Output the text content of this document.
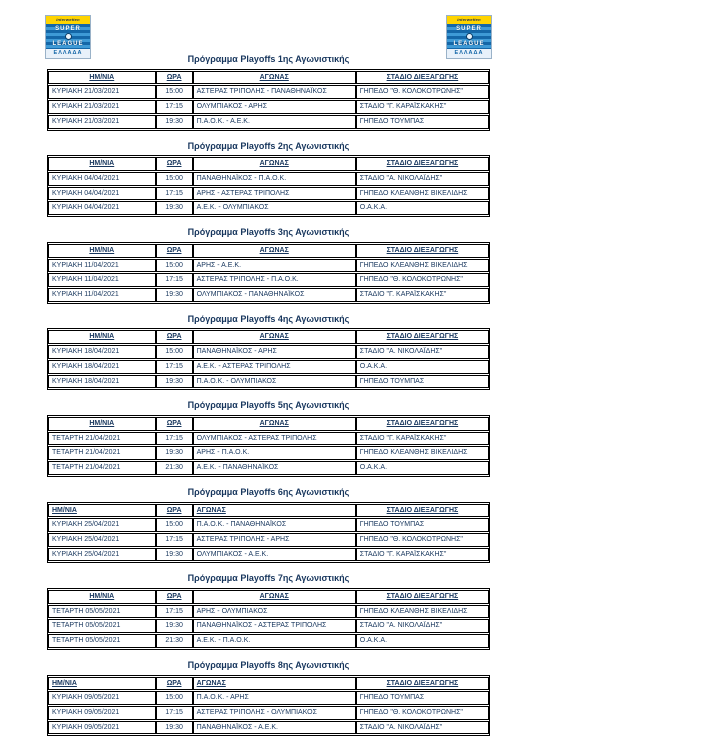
interwetten
SUPER
LEAGUE
ΕΛΛΑΔΑ
interwetten
SUPER
LEAGUE
ΕΛΛΑΔΑ
Πρόγραμμα Playoffs 1ης Αγωνιστικής
ΗΜ/ΝΙΑ	ΩΡΑ	ΑΓΩΝΑΣ	ΣΤΑΔΙΟ ΔΙΕΞΑΓΩΓΗΣ
ΚΥΡΙΑΚΗ 21/03/2021	15:00	ΑΣΤΕΡΑΣ ΤΡΙΠΟΛΗΣ - ΠΑΝΑΘΗΝΑΪΚΟΣ	ΓΗΠΕΔΟ "Θ. ΚΟΛΟΚΟΤΡΩΝΗΣ"
ΚΥΡΙΑΚΗ 21/03/2021	17:15	ΟΛΥΜΠΙΑΚΟΣ - ΑΡΗΣ	ΣΤΑΔΙΟ "Γ. ΚΑΡΑΪΣΚΑΚΗΣ"
ΚΥΡΙΑΚΗ 21/03/2021	19:30	Π.Α.Ο.Κ. - Α.Ε.Κ.	ΓΗΠΕΔΟ ΤΟΥΜΠΑΣ
Πρόγραμμα Playoffs 2ης Αγωνιστικής
ΗΜ/ΝΙΑ	ΩΡΑ	ΑΓΩΝΑΣ	ΣΤΑΔΙΟ ΔΙΕΞΑΓΩΓΗΣ
ΚΥΡΙΑΚΗ 04/04/2021	15:00	ΠΑΝΑΘΗΝΑΪΚΟΣ - Π.Α.Ο.Κ.	ΣΤΑΔΙΟ "Α. ΝΙΚΟΛΑΪΔΗΣ"
ΚΥΡΙΑΚΗ 04/04/2021	17:15	ΑΡΗΣ - ΑΣΤΕΡΑΣ ΤΡΙΠΟΛΗΣ	ΓΗΠΕΔΟ ΚΛΕΑΝΘΗΣ ΒΙΚΕΛΙΔΗΣ
ΚΥΡΙΑΚΗ 04/04/2021	19:30	Α.Ε.Κ. - ΟΛΥΜΠΙΑΚΟΣ	Ο.Α.Κ.Α.
Πρόγραμμα Playoffs 3ης Αγωνιστικής
ΗΜ/ΝΙΑ	ΩΡΑ	ΑΓΩΝΑΣ	ΣΤΑΔΙΟ ΔΙΕΞΑΓΩΓΗΣ
ΚΥΡΙΑΚΗ 11/04/2021	15:00	ΑΡΗΣ - Α.Ε.Κ.	ΓΗΠΕΔΟ ΚΛΕΑΝΘΗΣ ΒΙΚΕΛΙΔΗΣ
ΚΥΡΙΑΚΗ 11/04/2021	17:15	ΑΣΤΕΡΑΣ ΤΡΙΠΟΛΗΣ - Π.Α.Ο.Κ.	ΓΗΠΕΔΟ "Θ. ΚΟΛΟΚΟΤΡΩΝΗΣ"
ΚΥΡΙΑΚΗ 11/04/2021	19:30	ΟΛΥΜΠΙΑΚΟΣ - ΠΑΝΑΘΗΝΑΪΚΟΣ	ΣΤΑΔΙΟ "Γ. ΚΑΡΑΪΣΚΑΚΗΣ"
Πρόγραμμα Playoffs 4ης Αγωνιστικής
ΗΜ/ΝΙΑ	ΩΡΑ	ΑΓΩΝΑΣ	ΣΤΑΔΙΟ ΔΙΕΞΑΓΩΓΗΣ
ΚΥΡΙΑΚΗ 18/04/2021	15:00	ΠΑΝΑΘΗΝΑΪΚΟΣ - ΑΡΗΣ	ΣΤΑΔΙΟ "Α. ΝΙΚΟΛΑΪΔΗΣ"
ΚΥΡΙΑΚΗ 18/04/2021	17:15	Α.Ε.Κ. - ΑΣΤΕΡΑΣ ΤΡΙΠΟΛΗΣ	Ο.Α.Κ.Α.
ΚΥΡΙΑΚΗ 18/04/2021	19:30	Π.Α.Ο.Κ. - ΟΛΥΜΠΙΑΚΟΣ	ΓΗΠΕΔΟ ΤΟΥΜΠΑΣ
Πρόγραμμα Playoffs 5ης Αγωνιστικής
ΗΜ/ΝΙΑ	ΩΡΑ	ΑΓΩΝΑΣ	ΣΤΑΔΙΟ ΔΙΕΞΑΓΩΓΗΣ
ΤΕΤΑΡΤΗ 21/04/2021	17:15	ΟΛΥΜΠΙΑΚΟΣ - ΑΣΤΕΡΑΣ ΤΡΙΠΟΛΗΣ	ΣΤΑΔΙΟ "Γ. ΚΑΡΑΪΣΚΑΚΗΣ"
ΤΕΤΑΡΤΗ 21/04/2021	19:30	ΑΡΗΣ - Π.Α.Ο.Κ.	ΓΗΠΕΔΟ ΚΛΕΑΝΘΗΣ ΒΙΚΕΛΙΔΗΣ
ΤΕΤΑΡΤΗ 21/04/2021	21:30	Α.Ε.Κ. - ΠΑΝΑΘΗΝΑΪΚΟΣ	Ο.Α.Κ.Α.
Πρόγραμμα Playoffs 6ης Αγωνιστικής
ΗΜ/ΝΙΑ	ΩΡΑ	ΑΓΩΝΑΣ	ΣΤΑΔΙΟ ΔΙΕΞΑΓΩΓΗΣ
ΚΥΡΙΑΚΗ 25/04/2021	15:00	Π.Α.Ο.Κ. - ΠΑΝΑΘΗΝΑΪΚΟΣ	ΓΗΠΕΔΟ ΤΟΥΜΠΑΣ
ΚΥΡΙΑΚΗ 25/04/2021	17:15	ΑΣΤΕΡΑΣ ΤΡΙΠΟΛΗΣ - ΑΡΗΣ	ΓΗΠΕΔΟ "Θ. ΚΟΛΟΚΟΤΡΩΝΗΣ"
ΚΥΡΙΑΚΗ 25/04/2021	19:30	ΟΛΥΜΠΙΑΚΟΣ - Α.Ε.Κ.	ΣΤΑΔΙΟ "Γ. ΚΑΡΑΪΣΚΑΚΗΣ"
Πρόγραμμα Playoffs 7ης Αγωνιστικής
ΗΜ/ΝΙΑ	ΩΡΑ	ΑΓΩΝΑΣ	ΣΤΑΔΙΟ ΔΙΕΞΑΓΩΓΗΣ
ΤΕΤΑΡΤΗ 05/05/2021	17:15	ΑΡΗΣ - ΟΛΥΜΠΙΑΚΟΣ	ΓΗΠΕΔΟ ΚΛΕΑΝΘΗΣ ΒΙΚΕΛΙΔΗΣ
ΤΕΤΑΡΤΗ 05/05/2021	19:30	ΠΑΝΑΘΗΝΑΪΚΟΣ - ΑΣΤΕΡΑΣ ΤΡΙΠΟΛΗΣ	ΣΤΑΔΙΟ "Α. ΝΙΚΟΛΑΪΔΗΣ"
ΤΕΤΑΡΤΗ 05/05/2021	21:30	Α.Ε.Κ. - Π.Α.Ο.Κ.	Ο.Α.Κ.Α.
Πρόγραμμα Playoffs 8ης Αγωνιστικής
ΗΜ/ΝΙΑ	ΩΡΑ	ΑΓΩΝΑΣ	ΣΤΑΔΙΟ ΔΙΕΞΑΓΩΓΗΣ
ΚΥΡΙΑΚΗ 09/05/2021	15:00	Π.Α.Ο.Κ. - ΑΡΗΣ	ΓΗΠΕΔΟ ΤΟΥΜΠΑΣ
ΚΥΡΙΑΚΗ 09/05/2021	17:15	ΑΣΤΕΡΑΣ ΤΡΙΠΟΛΗΣ - ΟΛΥΜΠΙΑΚΟΣ	ΓΗΠΕΔΟ "Θ. ΚΟΛΟΚΟΤΡΩΝΗΣ"
ΚΥΡΙΑΚΗ 09/05/2021	19:30	ΠΑΝΑΘΗΝΑΪΚΟΣ - Α.Ε.Κ.	ΣΤΑΔΙΟ "Α. ΝΙΚΟΛΑΪΔΗΣ"
